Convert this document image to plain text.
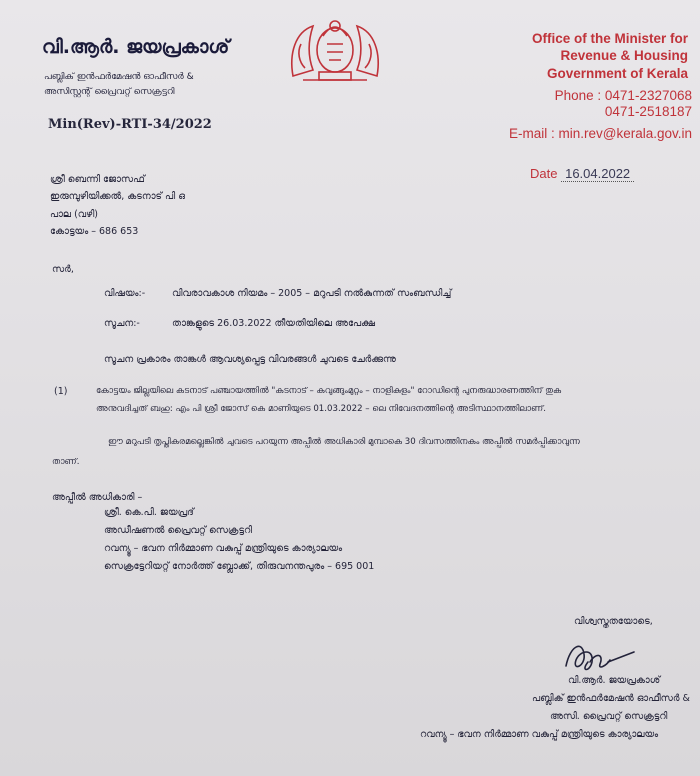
വി.ആർ. ജയപ്രകാശ്
പബ്ലിക് ഇൻഫർമേഷൻ ഓഫീസർ &
അസിസ്റ്റന്റ് പ്രൈവറ്റ് സെക്രട്ടറി
Min(Rev)-RTI-34/2022
Office of the Minister for
Revenue & Housing
Government of Kerala
Phone : 0471-2327068
0471-2518187
E-mail : min.rev@kerala.gov.in
Date 16.04.2022
ശ്രീ ബെന്നി ജോസഫ്
ഇരുമ്പുഴിയിക്കൽ, കടനാട് പി ഒ
പാല (വഴി)
കോട്ടയം – 686 653
സർ,
വിഷയം:-	വിവരാവകാശ നിയമം – 2005 – മറുപടി നൽകുന്നത് സംബന്ധിച്ച്
സൂചന:-	താങ്കളുടെ 26.03.2022 തീയതിയിലെ അപേക്ഷ
സൂചന പ്രകാരം താങ്കൾ ആവശ്യപ്പെട്ട വിവരങ്ങൾ ചുവടെ ചേർക്കുന്നു
(1)	കോട്ടയം ജില്ലയിലെ കടനാട് പഞ്ചായത്തിൽ "കടനാട് – കവുങ്ങുംമുറ്റം – നാളികുളം" റോഡിന്റെ പുനരുദ്ധാരണത്തിന് തുക
അനുവദിച്ചത് ബഹു: എം പി ശ്രീ ജോസ് കെ മാണിയുടെ 01.03.2022 – ലെ നിവേദനത്തിന്റെ അടിസ്ഥാനത്തിലാണ്.
ഈ മറുപടി തൃപ്തികരമല്ലെങ്കിൽ ചുവടെ പറയുന്ന അപ്പീൽ അധികാരി മുമ്പാകെ 30 ദിവസത്തിനകം അപ്പീൽ സമർപ്പിക്കാവുന്ന
താണ്.
അപ്പീൽ അധികാരി –
ശ്രീ. കെ.പി. ജയപ്രദ്
അഡീഷണൽ പ്രൈവറ്റ് സെക്രട്ടറി
റവന്യൂ – ഭവന നിർമ്മാണ വകുപ്പ് മന്ത്രിയുടെ കാര്യാലയം
സെക്രട്ടേറിയറ്റ് നോർത്ത് ബ്ലോക്ക്, തിരുവനന്തപുരം – 695 001
വിശ്വസ്തതയോടെ,
വി.ആർ. ജയപ്രകാശ്
പബ്ലിക് ഇൻഫർമേഷൻ ഓഫീസർ &
അസി. പ്രൈവറ്റ് സെക്രട്ടറി
റവന്യൂ – ഭവന നിർമ്മാണ വകുപ്പ് മന്ത്രിയുടെ കാര്യാലയം
